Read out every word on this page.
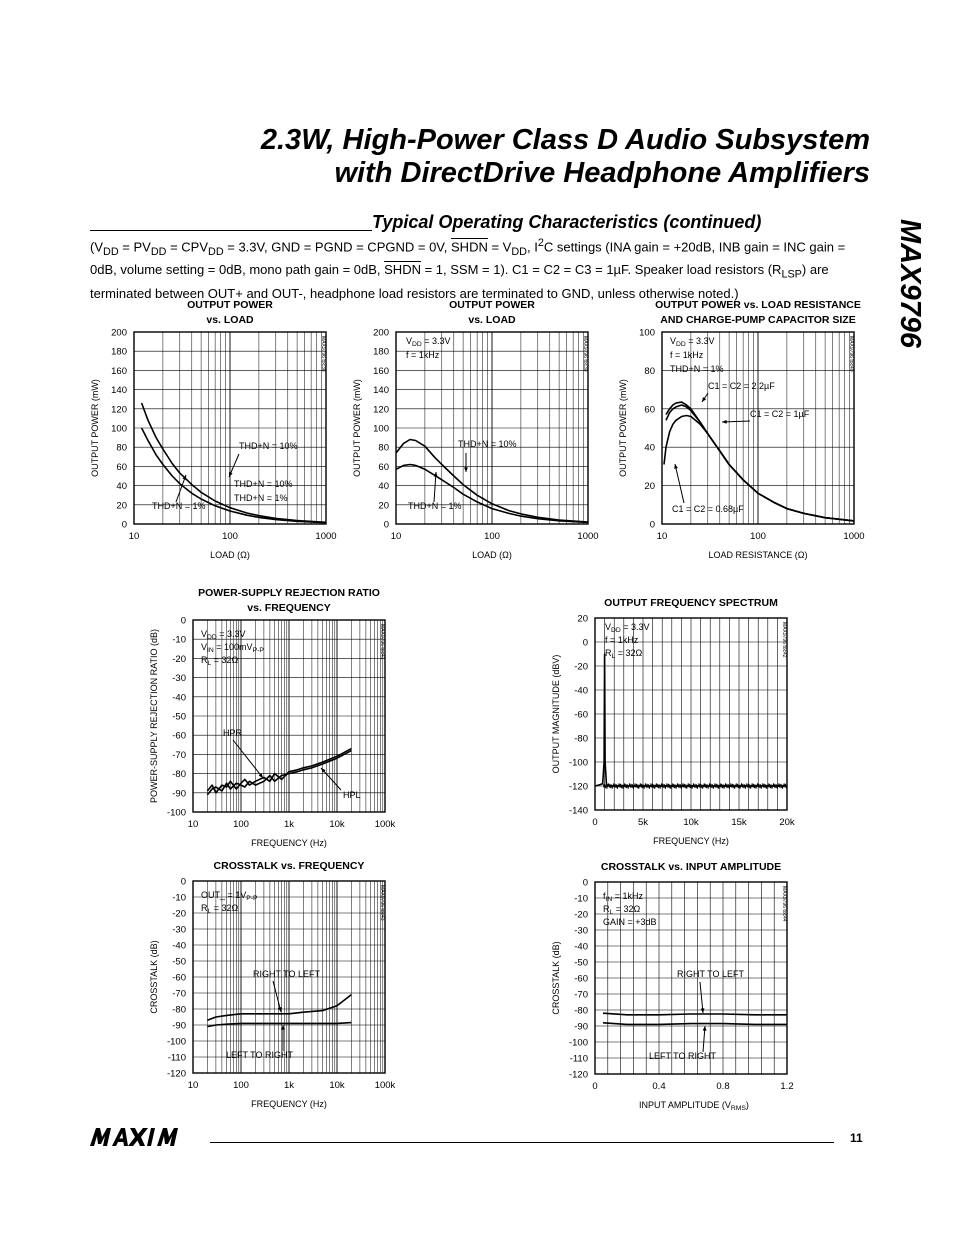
2.3W, High-Power Class D Audio Subsystem
with DirectDrive Headphone Amplifiers
MAX9796
Typical Operating Characteristics (continued)
($V_{DD} = PV_{DD} = CPV_{DD} = 3.3V$, GND = PGND = CPGND = 0V, SHDN = $V_{DD}$, $I^2C$ settings (INA gain = +20dB, INB gain = INC gain = 0dB, volume setting = 0dB, mono path gain = 0dB, SHDN = 1, SSM = 1). C1 = C2 = C3 = 1µF. Speaker load resistors $(R_{LSP})$ are terminated between OUT+ and OUT-, headphone load resistors are terminated to GND, unless otherwise noted.)
OUTPUT POWER
vs. LOAD
0
20
40
60
80
100
120
140
160
180
200
10	100	1000
LOAD (Ω)
OUTPUT POWER (mW)
MAX9796 toc38
THD+N = 10%
THD+N = 1%
THD+N = 10%
THD+N = 1%
OUTPUT POWER
vs. LOAD
0
20
40
60
80
100
120
140
160
180
200
10	100	1000
LOAD (Ω)
OUTPUT POWER (mW)
MAX9796 toc39
$V_{DD} = 3.3V$
f = 1kHz
THD+N = 10%
THD+N = 1%
OUTPUT POWER vs. LOAD RESISTANCE
AND CHARGE-PUMP CAPACITOR SIZE
0
20
40
60
80
100
10	100	1000
LOAD RESISTANCE (Ω)
OUTPUT POWER (mW)
MAX9796 toc40
$V_{DD} = 3.3V$
f = 1kHz
THD+N = 1%
C1 = C2 = 2.2µF
C1 = C2 = 1µF
C1 = C2 = 0.68µF
POWER-SUPPLY REJECTION RATIO
vs. FREQUENCY
-100
-90
-80
-70
-60
-50
-40
-30
-20
-10
0
10	100	1k	10k	100k
FREQUENCY (Hz)
POWER-SUPPLY REJECTION RATIO (dB)	MAX9796 toc41
$V_{DD} = 3.3V$
$V_{IN} = 100mV_{P-P}$
$R_L = 32\Omega$
HPR
HPL
OUTPUT FREQUENCY SPECTRUM
-140
-120
-100
-80
-60
-40
-20
0
20
0	5k	10k	15k	20k
FREQUENCY (Hz)
OUTPUT MAGNITUDE (dBV)
MAX9796 toc42
$V_{DD} = 3.3V$
f = 1kHz
$R_L = 32\Omega$
CROSSTALK vs. FREQUENCY
-120
-110
-100
-90
-80
-70
-60
-50
-40
-30
-20
-10
0
10	100	1k	10k	100k
FREQUENCY (Hz)
CROSSTALK (dB)
MAX9796 toc43
OUT_ = $1V_{P-P}$
$R_L = 32\Omega$
RIGHT TO LEFT
LEFT TO RIGHT
CROSSTALK vs. INPUT AMPLITUDE
-120
-110
-100
-90
-80
-70
-60
-50
-40
-30
-20
-10
0
0	0.4	0.8	1.2
INPUT AMPLITUDE $(V_{RMS})$
CROSSTALK (dB)
MAX9796 toc44
$f_{IN} = 1kHz$
$R_L = 32\Omega$
GAIN = +3dB
RIGHT TO LEFT
LEFT TO RIGHT
11
